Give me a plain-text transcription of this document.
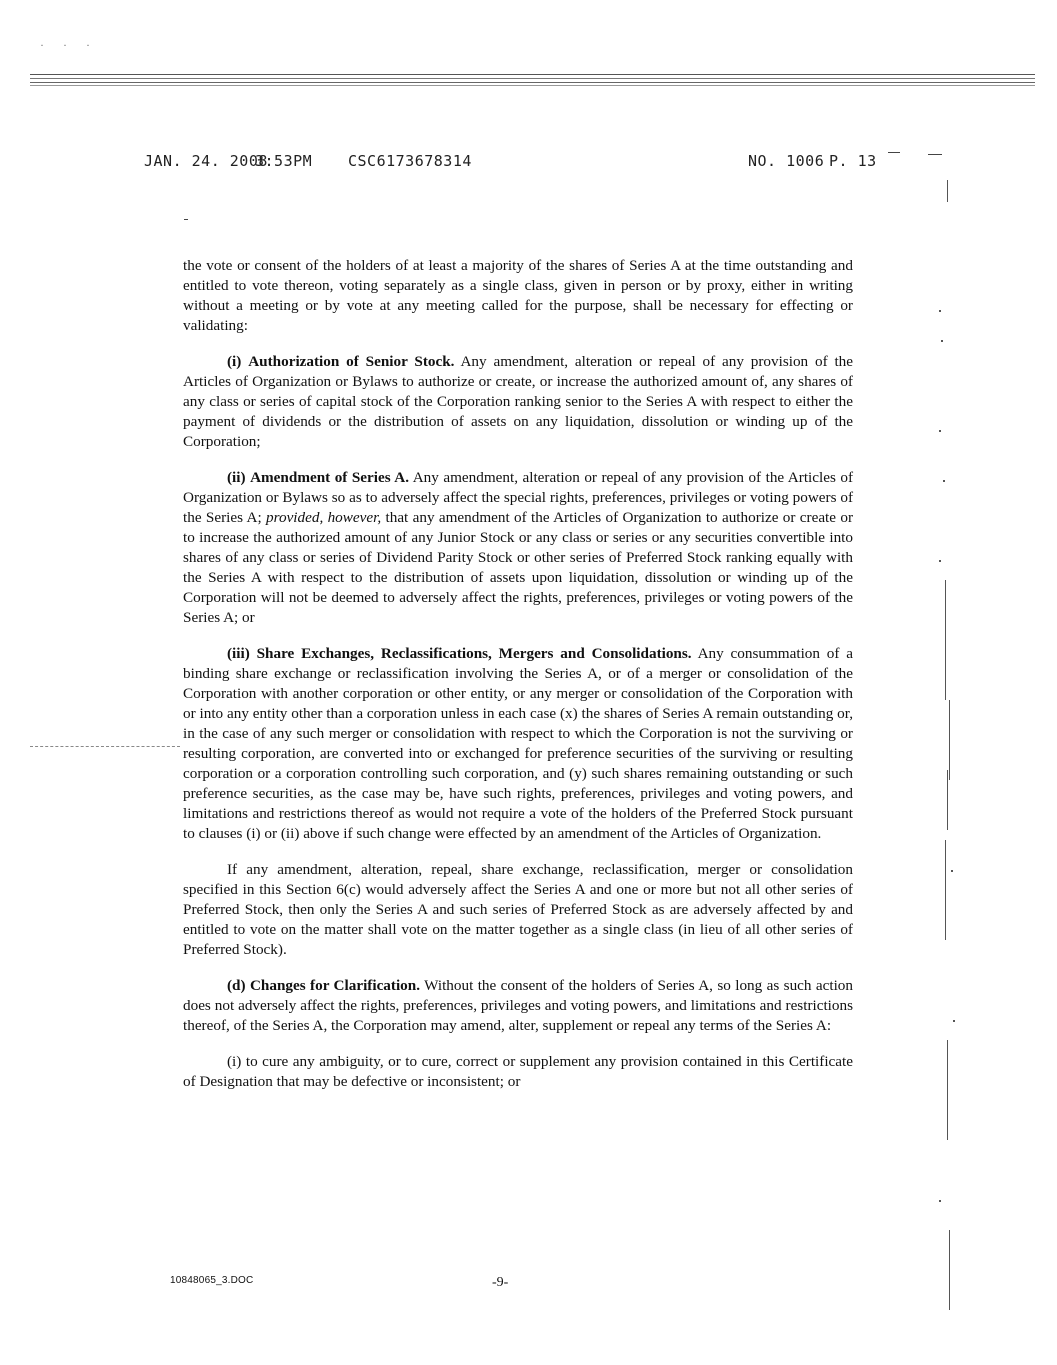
· · ·
JAN. 24. 2008
3:53PM CSC6173678314	NO. 1006 P. 13

the vote or consent of the holders of at least a majority of the shares of Series A at the time outstanding and entitled to vote thereon, voting separately as a single class, given in person or by proxy, either in writing without a meeting or by vote at any meeting called for the purpose, shall be necessary for effecting or validating:

(i) Authorization of Senior Stock. Any amendment, alteration or repeal of any provision of the Articles of Organization or Bylaws to authorize or create, or increase the authorized amount of, any shares of any class or series of capital stock of the Corporation ranking senior to the Series A with respect to either the payment of dividends or the distribution of assets on any liquidation, dissolution or winding up of the Corporation;

(ii) Amendment of Series A. Any amendment, alteration or repeal of any provision of the Articles of Organization or Bylaws so as to adversely affect the special rights, preferences, privileges or voting powers of the Series A; provided, however, that any amendment of the Articles of Organization to authorize or create or to increase the authorized amount of any Junior Stock or any class or series or any securities convertible into shares of any class or series of Dividend Parity Stock or other series of Preferred Stock ranking equally with the Series A with respect to the distribution of assets upon liquidation, dissolution or winding up of the Corporation will not be deemed to adversely affect the rights, preferences, privileges or voting powers of the Series A; or

(iii) Share Exchanges, Reclassifications, Mergers and Consolidations. Any consummation of a binding share exchange or reclassification involving the Series A, or of a merger or consolidation of the Corporation with another corporation or other entity, or any merger or consolidation of the Corporation with or into any entity other than a corporation unless in each case (x) the shares of Series A remain outstanding or, in the case of any such merger or consolidation with respect to which the Corporation is not the surviving or resulting corporation, are converted into or exchanged for preference securities of the surviving or resulting corporation or a corporation controlling such corporation, and (y) such shares remaining outstanding or such preference securities, as the case may be, have such rights, preferences, privileges and voting powers, and limitations and restrictions thereof as would not require a vote of the holders of the Preferred Stock pursuant to clauses (i) or (ii) above if such change were effected by an amendment of the Articles of Organization.

If any amendment, alteration, repeal, share exchange, reclassification, merger or consolidation specified in this Section 6(c) would adversely affect the Series A and one or more but not all other series of Preferred Stock, then only the Series A and such series of Preferred Stock as are adversely affected by and entitled to vote on the matter shall vote on the matter together as a single class (in lieu of all other series of Preferred Stock).

(d) Changes for Clarification. Without the consent of the holders of Series A, so long as such action does not adversely affect the rights, preferences, privileges and voting powers, and limitations and restrictions thereof, of the Series A, the Corporation may amend, alter, supplement or repeal any terms of the Series A:

(i) to cure any ambiguity, or to cure, correct or supplement any provision contained in this Certificate of Designation that may be defective or inconsistent; or

10848065_3.DOC	-9-
